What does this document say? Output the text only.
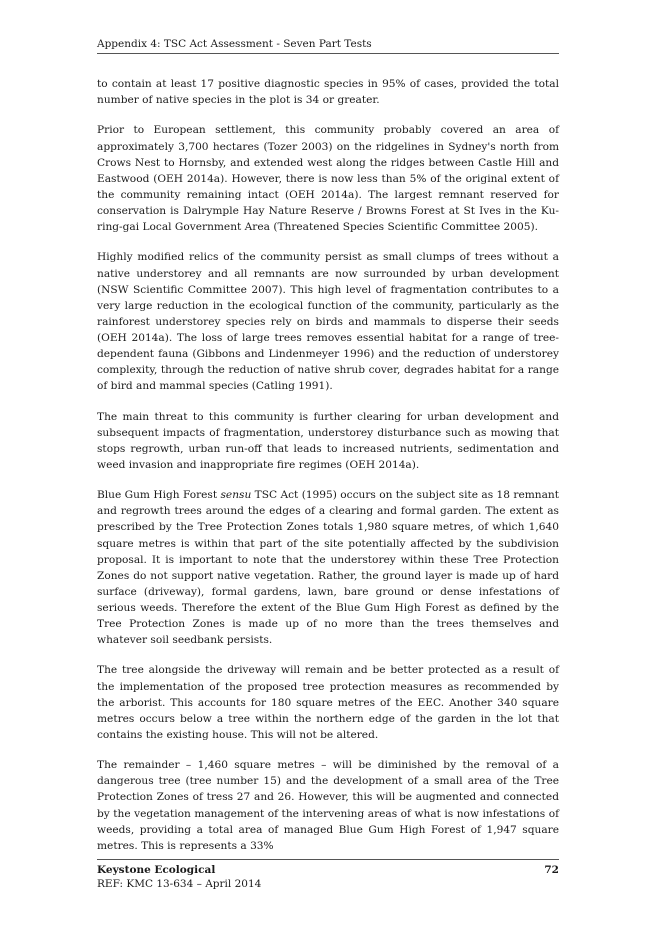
Appendix 4: TSC Act Assessment - Seven Part Tests

to contain at least 17 positive diagnostic species in 95% of cases, provided the total number of native species in the plot is 34 or greater.

Prior to European settlement, this community probably covered an area of approximately 3,700 hectares (Tozer 2003) on the ridgelines in Sydney's north from Crows Nest to Hornsby, and extended west along the ridges between Castle Hill and Eastwood (OEH 2014a). However, there is now less than 5% of the original extent of the community remaining intact (OEH 2014a). The largest remnant reserved for conservation is Dalrymple Hay Nature Reserve / Browns Forest at St Ives in the Ku-ring-gai Local Government Area (Threatened Species Scientific Committee 2005).

Highly modified relics of the community persist as small clumps of trees without a native understorey and all remnants are now surrounded by urban development (NSW Scientific Committee 2007). This high level of fragmentation contributes to a very large reduction in the ecological function of the community, particularly as the rainforest understorey species rely on birds and mammals to disperse their seeds (OEH 2014a). The loss of large trees removes essential habitat for a range of tree-dependent fauna (Gibbons and Lindenmeyer 1996) and the reduction of understorey complexity, through the reduction of native shrub cover, degrades habitat for a range of bird and mammal species (Catling 1991).

The main threat to this community is further clearing for urban development and subsequent impacts of fragmentation, understorey disturbance such as mowing that stops regrowth, urban run-off that leads to increased nutrients, sedimentation and weed invasion and inappropriate fire regimes (OEH 2014a).

Blue Gum High Forest sensu TSC Act (1995) occurs on the subject site as 18 remnant and regrowth trees around the edges of a clearing and formal garden. The extent as prescribed by the Tree Protection Zones totals 1,980 square metres, of which 1,640 square metres is within that part of the site potentially affected by the subdivision proposal. It is important to note that the understorey within these Tree Protection Zones do not support native vegetation. Rather, the ground layer is made up of hard surface (driveway), formal gardens, lawn, bare ground or dense infestations of serious weeds. Therefore the extent of the Blue Gum High Forest as defined by the Tree Protection Zones is made up of no more than the trees themselves and whatever soil seedbank persists.

The tree alongside the driveway will remain and be better protected as a result of the implementation of the proposed tree protection measures as recommended by the arborist. This accounts for 180 square metres of the EEC. Another 340 square metres occurs below a tree within the northern edge of the garden in the lot that contains the existing house. This will not be altered.

The remainder – 1,460 square metres – will be diminished by the removal of a dangerous tree (tree number 15) and the development of a small area of the Tree Protection Zones of tress 27 and 26. However, this will be augmented and connected by the vegetation management of the intervening areas of what is now infestations of weeds, providing a total area of managed Blue Gum High Forest of 1,947 square metres. This is represents a 33%

Keystone Ecological
REF: KMC 13-634 – April 2014
72
